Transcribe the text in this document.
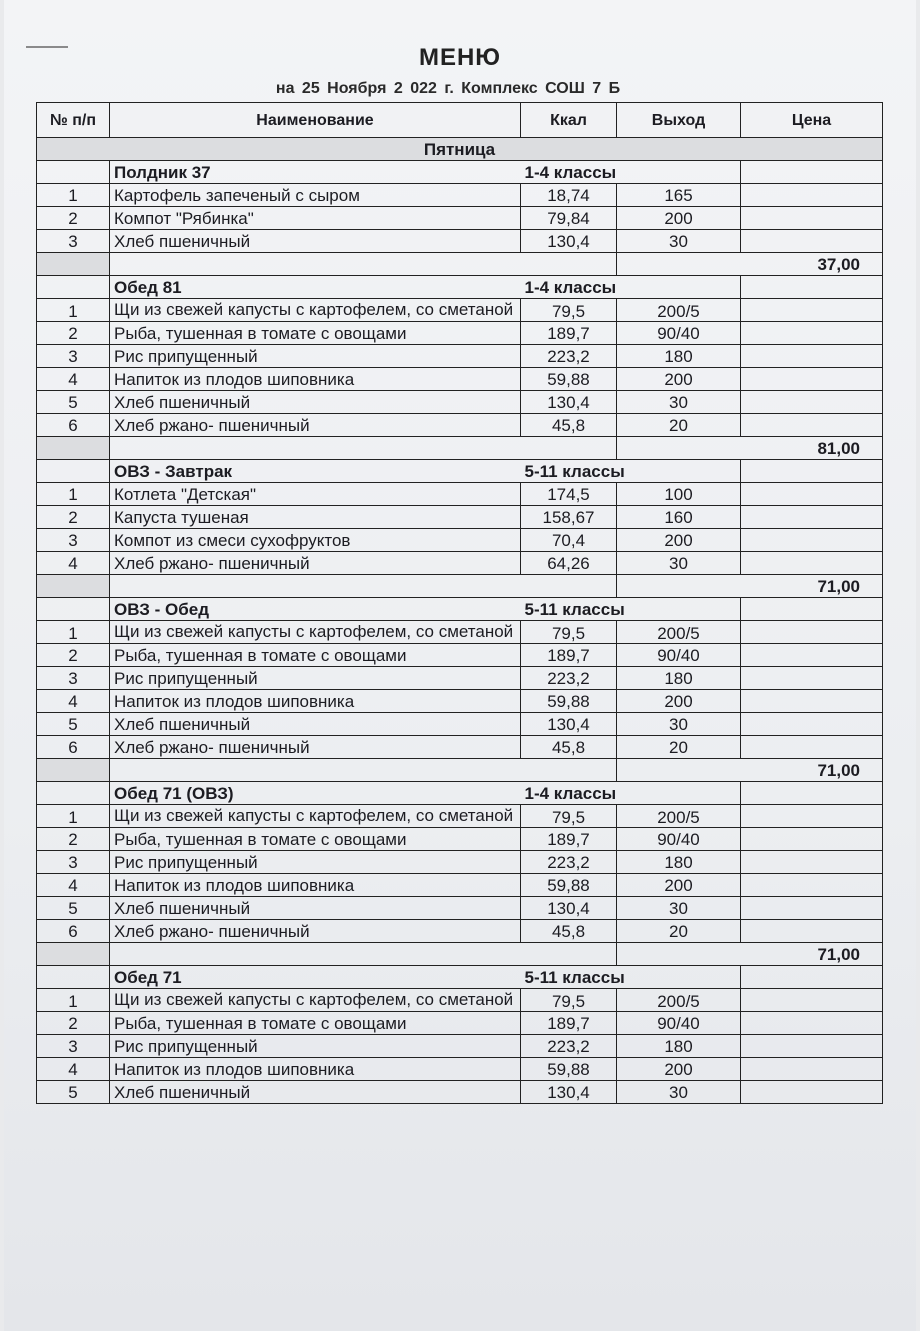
МЕНЮ
на 25 Ноября 2 022 г. Комплекс СОШ 7 Б
№ п/п	Наименование	Ккал	Выход	Цена
Пятница				
	Полдник 37	1-4 классы		
1	Картофель запеченый с сыром	18,74	165	
2	Компот "Рябинка"	79,84	200	
3	Хлеб пшеничный	130,4	30	
			37,00	
	Обед 81	1-4 классы		
1	Щи из свежей капусты с картофелем, со сметаной	79,5	200/5	
2	Рыба, тушенная в томате с овощами	189,7	90/40	
3	Рис припущенный	223,2	180	
4	Напиток из плодов шиповника	59,88	200	
5	Хлеб пшеничный	130,4	30	
6	Хлеб ржано- пшеничный	45,8	20	
			81,00	
	ОВЗ - Завтрак	5-11 классы		
1	Котлета "Детская"	174,5	100	
2	Капуста тушеная	158,67	160	
3	Компот из смеси сухофруктов	70,4	200	
4	Хлеб ржано- пшеничный	64,26	30	
			71,00	
	ОВЗ - Обед	5-11 классы		
1	Щи из свежей капусты с картофелем, со сметаной	79,5	200/5	
2	Рыба, тушенная в томате с овощами	189,7	90/40	
3	Рис припущенный	223,2	180	
4	Напиток из плодов шиповника	59,88	200	
5	Хлеб пшеничный	130,4	30	
6	Хлеб ржано- пшеничный	45,8	20	
			71,00	
	Обед 71 (ОВЗ)	1-4 классы		
1	Щи из свежей капусты с картофелем, со сметаной	79,5	200/5	
2	Рыба, тушенная в томате с овощами	189,7	90/40	
3	Рис припущенный	223,2	180	
4	Напиток из плодов шиповника	59,88	200	
5	Хлеб пшеничный	130,4	30	
6	Хлеб ржано- пшеничный	45,8	20	
			71,00	
	Обед 71	5-11 классы		
1	Щи из свежей капусты с картофелем, со сметаной	79,5	200/5	
2	Рыба, тушенная в томате с овощами	189,7	90/40	
3	Рис припущенный	223,2	180	
4	Напиток из плодов шиповника	59,88	200	
5	Хлеб пшеничный	130,4	30	
